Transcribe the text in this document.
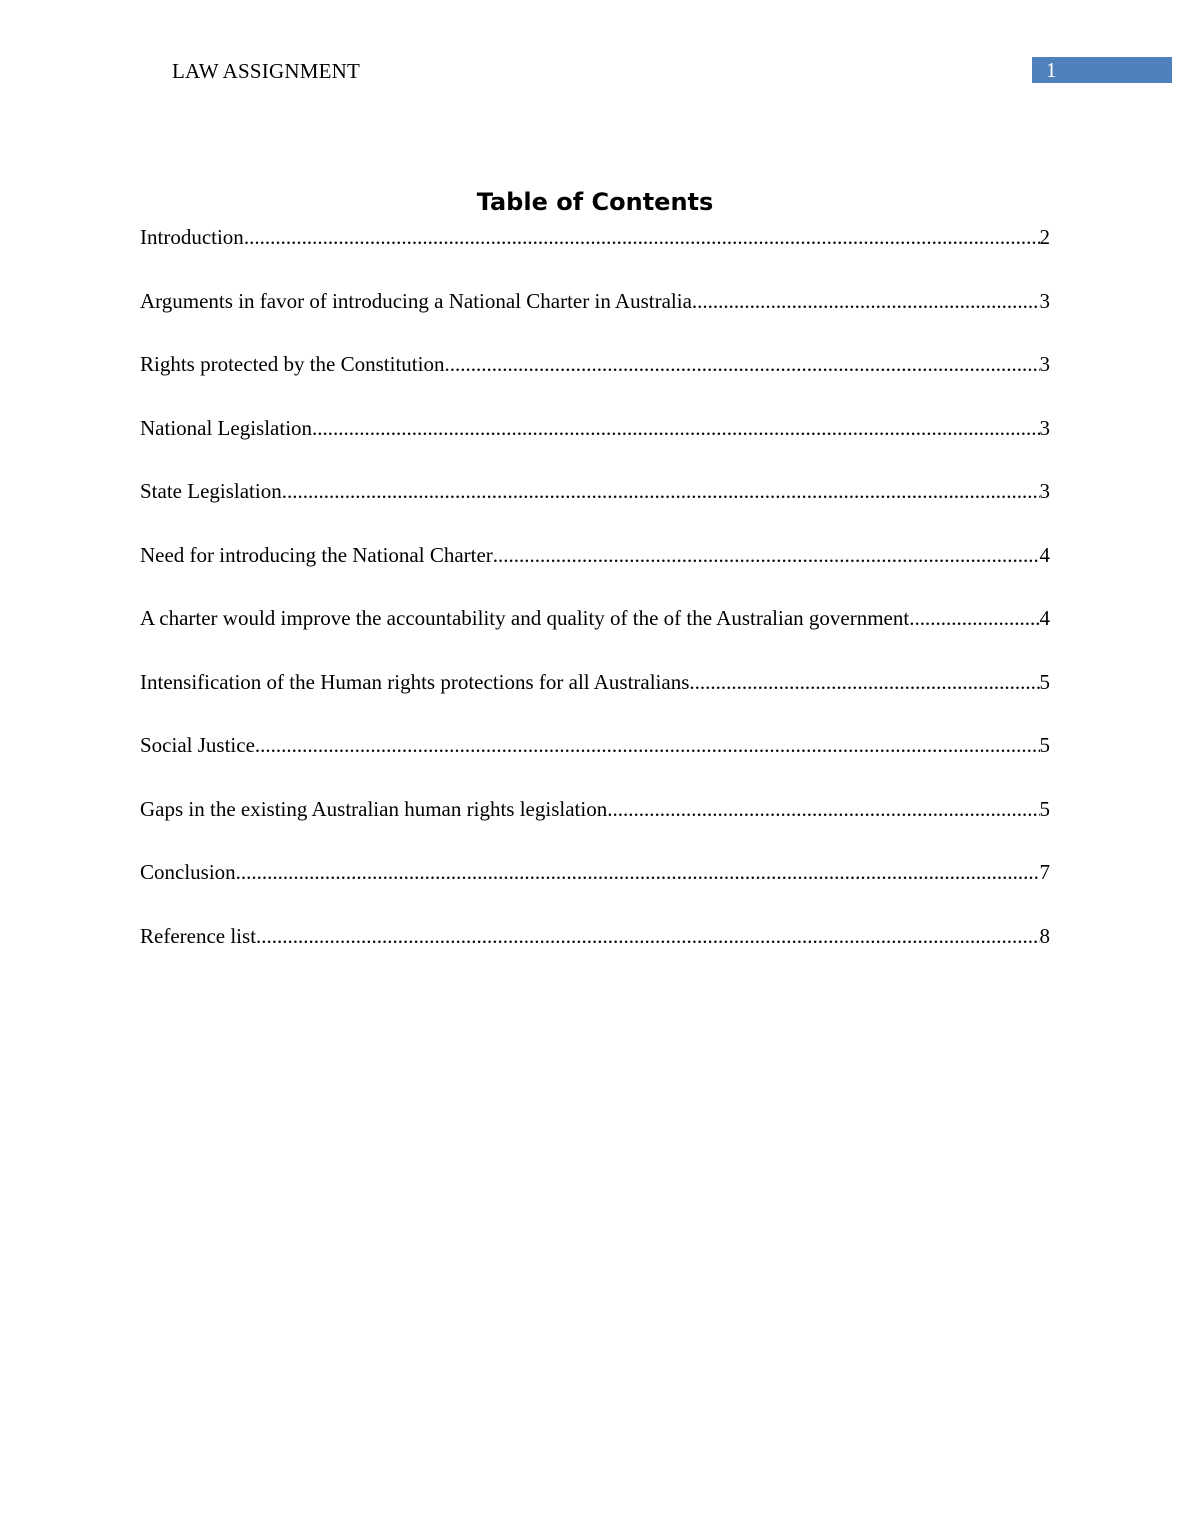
LAW ASSIGNMENT	1
Table of Contents
Introduction .....	2
Arguments in favor of introducing a National Charter in Australia .....	3
Rights protected by the Constitution .....	3
National Legislation .....	3
State Legislation .....	3
Need for introducing the National Charter .....	4
A charter would improve the accountability and quality of the of the Australian government. .....	4
Intensification of the Human rights protections for all Australians .....	5
Social Justice .....	5
Gaps in the existing Australian human rights legislation .....	5
Conclusion .....	7
Reference list .....	8
